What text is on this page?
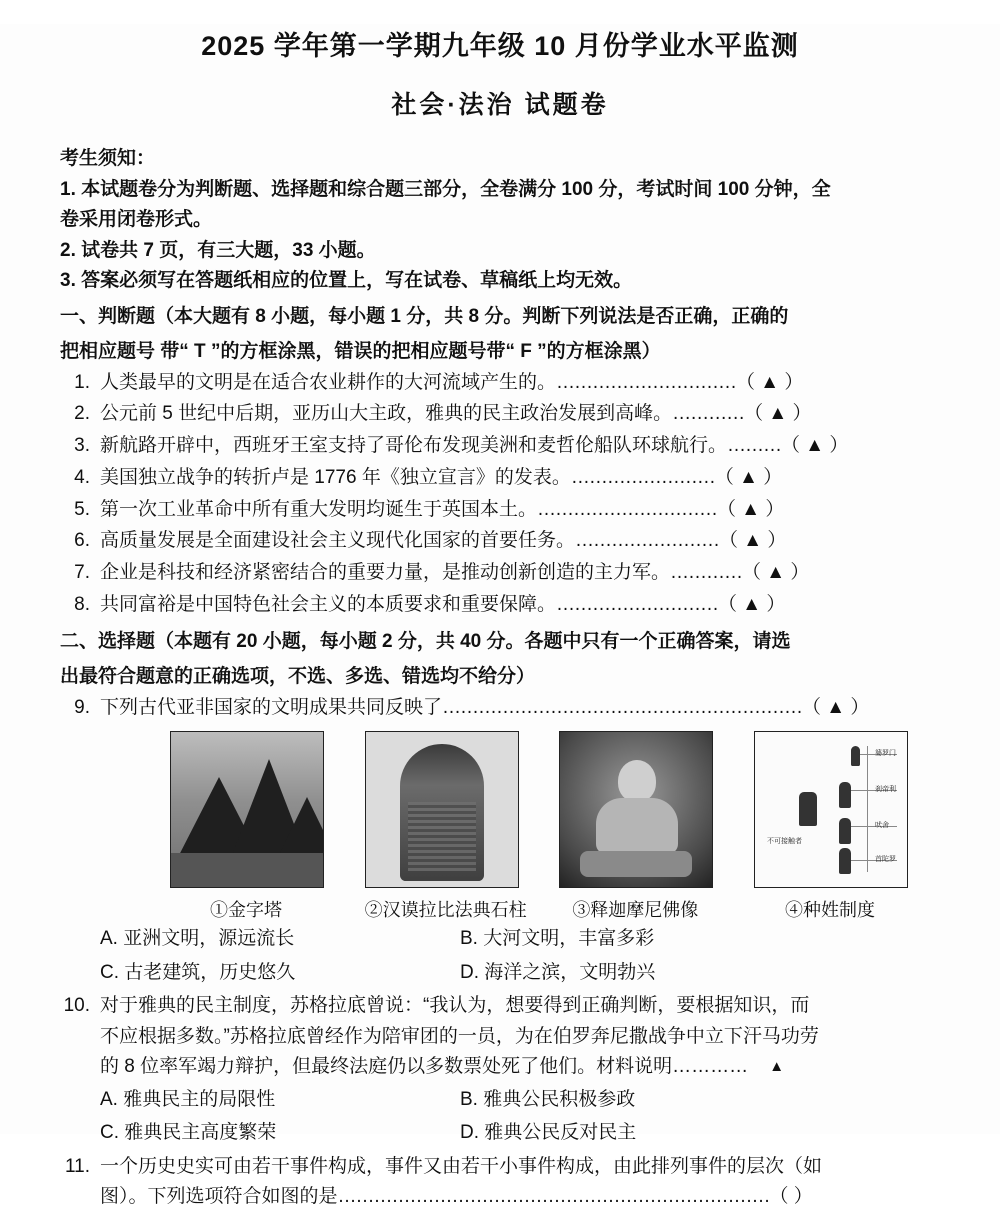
2025 学年第一学期九年级 10 月份学业水平监测
社会·法治 试题卷
考生须知：
1. 本试题卷分为判断题、选择题和综合题三部分，全卷满分 100 分，考试时间 100 分钟，全
卷采用闭卷形式。
2. 试卷共 7 页，有三大题，33 小题。
3. 答案必须写在答题纸相应的位置上，写在试卷、草稿纸上均无效。
一、判断题（本大题有 8 小题，每小题 1 分，共 8 分。判断下列说法是否正确，正确的
把相应题号 带“ T ”的方框涂黑，错误的把相应题号带“ F ”的方框涂黑）
1. 人类最早的文明是在适合农业耕作的大河流域产生的。…………………………（ ▲ ）
2. 公元前 5 世纪中后期，亚历山大主政，雅典的民主政治发展到高峰。…………（ ▲ ）
3. 新航路开辟中，西班牙王室支持了哥伦布发现美洲和麦哲伦船队环球航行。………（ ▲ ）
4. 美国独立战争的转折卢是 1776 年《独立宣言》的发表。……………………（ ▲ ）
5. 第一次工业革命中所有重大发明均诞生于英国本土。…………………………（ ▲ ）
6. 高质量发展是全面建设社会主义现代化国家的首要任务。……………………（ ▲ ）
7. 企业是科技和经济紧密结合的重要力量，是推动创新创造的主力军。…………（ ▲ ）
8. 共同富裕是中国特色社会主义的本质要求和重要保障。………………………（ ▲ ）
二、选择题（本题有 20 小题，每小题 2 分，共 40 分。各题中只有一个正确答案，请选
出最符合题意的正确选项，不选、多选、错选均不给分）
9. 下列古代亚非国家的文明成果共同反映了……………………………………………………（ ▲ ）
①金字塔	②汉谟拉比法典石柱	③释迦摩尼佛像
婆罗门
刹帝利
吠舍
首陀罗
不可接触者
④种姓制度
A. 亚洲文明，源远流长	B. 大河文明，丰富多彩
C. 古老建筑，历史悠久	D. 海洋之滨，文明勃兴
10. 对于雅典的民主制度，苏格拉底曾说：“我认为，想要得到正确判断，要根据知识，而
不应根据多数。”苏格拉底曾经作为陪审团的一员，为在伯罗奔尼撒战争中立下汗马功劳
的 8 位率军竭力辩护，但最终法庭仍以多数票处死了他们。材料说明………… ▲
A. 雅典民主的局限性	B. 雅典公民积极参政
C. 雅典民主高度繁荣	D. 雅典公民反对民主
11. 一个历史史实可由若干事件构成，事件又由若干小事件构成，由此排列事件的层次（如
图）。下列选项符合如图的是………………………………………………………………（ ）
